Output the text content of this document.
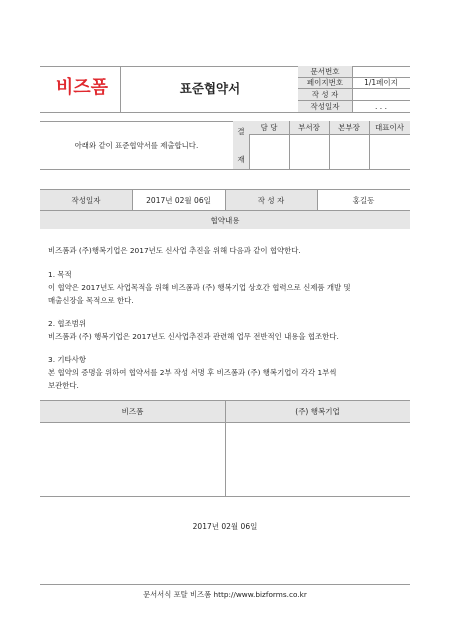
비즈폼	표준협약서
문서번호
페이지번호	1/1페이지
작 성 자
작성일자	. . .
아래와 같이 표준협약서를 제출합니다.
결
재
담 당	부서장	본부장	대표이사
작성일자	2017년 02월 06일	작 성 자	홍길동
협약내용
비즈폼과 (주)행복기업은 2017년도 신사업 추진을 위해 다음과 같이 협약한다.
1. 목적
이 협약은 2017년도 사업목적을 위해 비즈폼과 (주) 행복기업 상호간 협력으로 신제품 개발 및
매출신장을 목적으로 한다.
2. 협조범위
비즈폼과 (주) 행복기업은 2017년도 신사업추진과 관련해 업무 전반적인 내용을 협조한다.
3. 기타사항
본 협약의 증명을 위하여 협약서를 2부 작성 서명 후 비즈폼과 (주) 행복기업이 각각 1부씩
보관한다.
비즈폼	(주) 행복기업
2017년 02월 06일
문서서식 포탈 비즈폼 http://www.bizforms.co.kr
